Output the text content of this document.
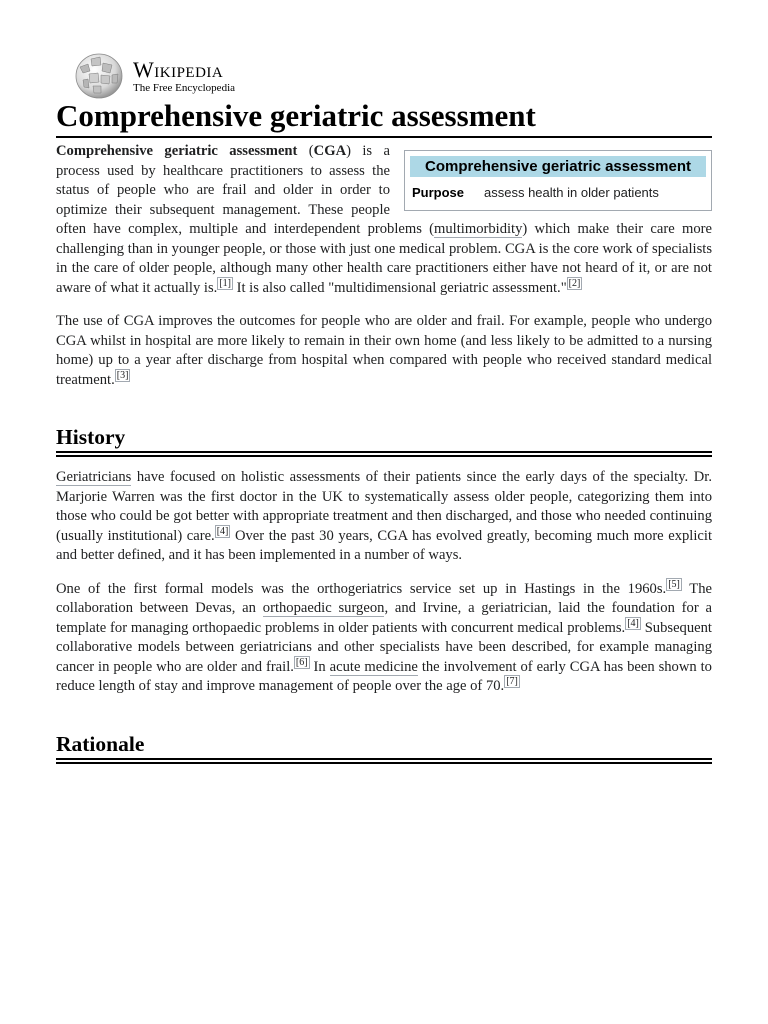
Wikipedia
The Free Encyclopedia
Comprehensive geriatric assessment
Comprehensive geriatric assessment
Purpose	assess health in older patients

Comprehensive geriatric assessment (CGA) is a process used by healthcare practitioners to assess the status of people who are frail and older in order to optimize their subsequent management. These people often have complex, multiple and interdependent problems (multimorbidity) which make their care more challenging than in younger people, or those with just one medical problem. CGA is the core work of specialists in the care of older people, although many other health care practitioners either have not heard of it, or are not aware of what it actually is. [1] It is also called "multidimensional geriatric assessment." [2]

The use of CGA improves the outcomes for people who are older and frail. For example, people who undergo CGA whilst in hospital are more likely to remain in their own home (and less likely to be admitted to a nursing home) up to a year after discharge from hospital when compared with people who received standard medical treatment. [3]

History

Geriatricians have focused on holistic assessments of their patients since the early days of the specialty. Dr. Marjorie Warren was the first doctor in the UK to systematically assess older people, categorizing them into those who could be got better with appropriate treatment and then discharged, and those who needed continuing (usually institutional) care. [4] Over the past 30 years, CGA has evolved greatly, becoming much more explicit and better defined, and it has been implemented in a number of ways.

One of the first formal models was the orthogeriatrics service set up in Hastings in the 1960s. [5] The collaboration between Devas, an orthopaedic surgeon, and Irvine, a geriatrician, laid the foundation for a template for managing orthopaedic problems in older patients with concurrent medical problems. [4] Subsequent collaborative models between geriatricians and other specialists have been described, for example managing cancer in people who are older and frail. [6] In acute medicine the involvement of early CGA has been shown to reduce length of stay and improve management of people over the age of 70. [7]

Rationale
